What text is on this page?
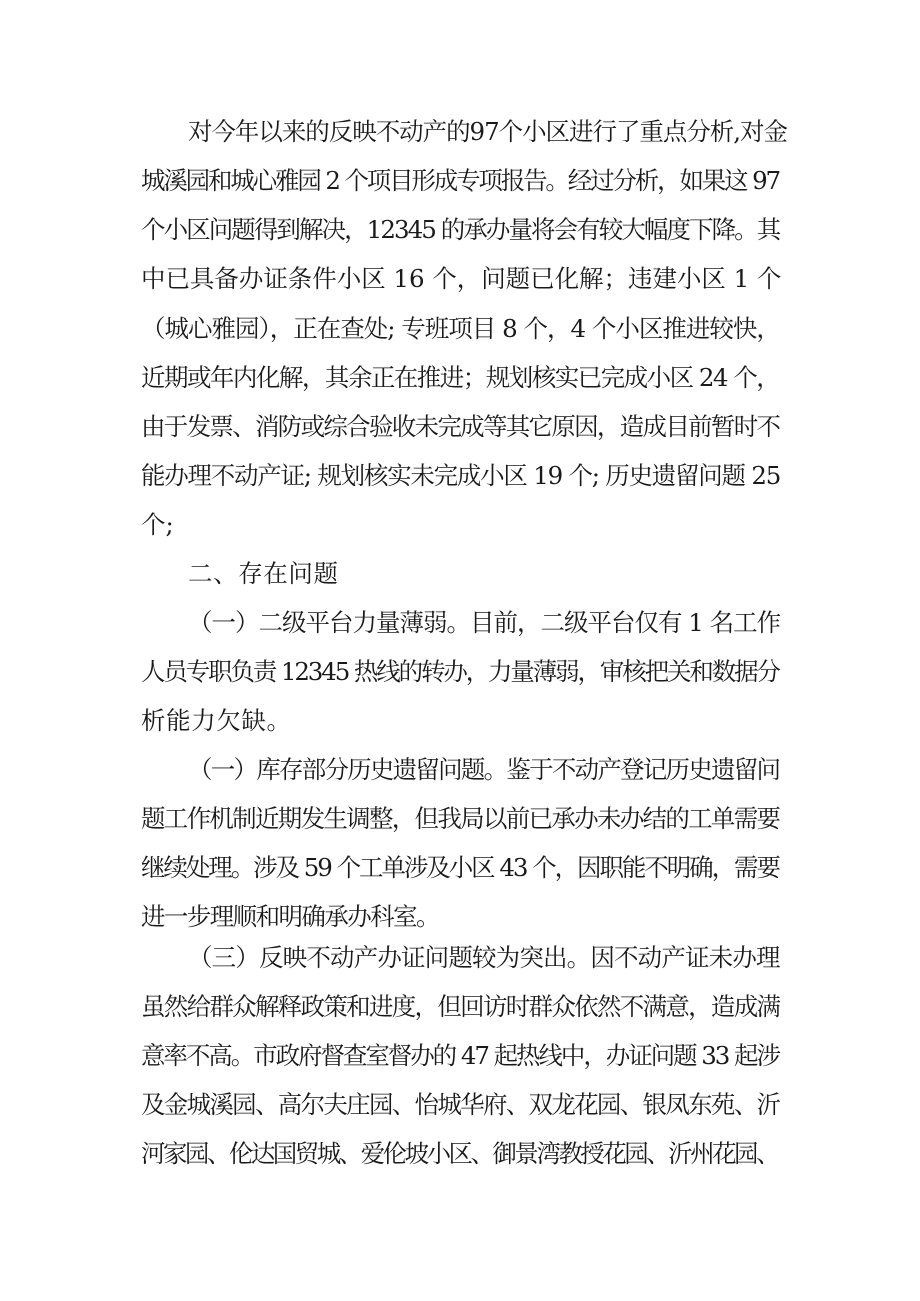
对今年以来的反映不动产的97个小区进行了重点分析,对金
城溪园和城心雅园 2 个项目形成专项报告。经过分析，如果这 97
个小区问题得到解决，12345 的承办量将会有较大幅度下降。其
中已具备办证条件小区 16 个，问题已化解；违建小区 1 个
（城心雅园），正在查处; 专班项目 8 个，4 个小区推进较快，
近期或年内化解，其余正在推进；规划核实已完成小区 24 个，
由于发票、消防或综合验收未完成等其它原因，造成目前暂时不
能办理不动产证; 规划核实未完成小区 19 个; 历史遗留问题 25
个;
二、存在问题
（一）二级平台力量薄弱。目前，二级平台仅有 1 名工作
人员专职负责 12345 热线的转办，力量薄弱，审核把关和数据分
析能力欠缺。
（一）库存部分历史遗留问题。鉴于不动产登记历史遗留问
题工作机制近期发生调整，但我局以前已承办未办结的工单需要
继续处理。涉及 59 个工单涉及小区 43 个，因职能不明确，需要
进一步理顺和明确承办科室。
（三）反映不动产办证问题较为突出。因不动产证未办理
虽然给群众解释政策和进度，但回访时群众依然不满意，造成满
意率不高。市政府督查室督办的 47 起热线中，办证问题 33 起涉
及金城溪园、高尔夫庄园、怡城华府、双龙花园、银凤东苑、沂
河家园、伦达国贸城、爱伦坡小区、御景湾教授花园、沂州花园、
